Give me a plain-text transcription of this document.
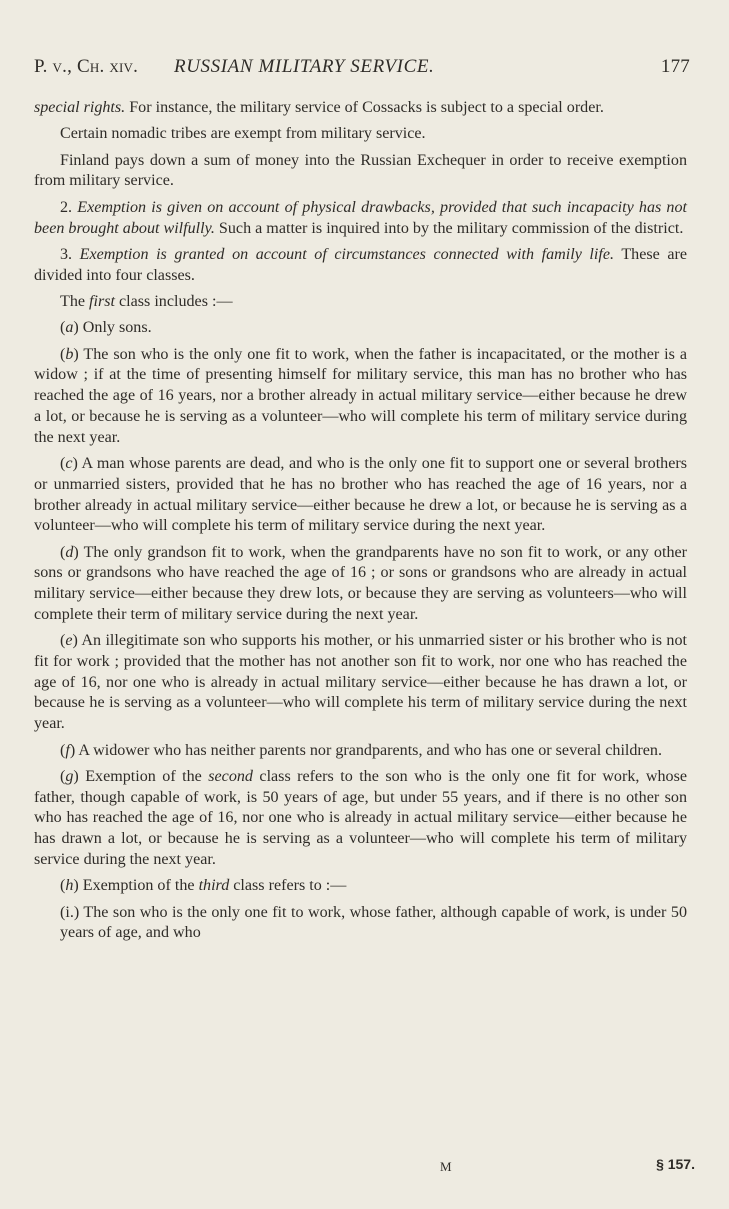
P. v., Ch. xiv. RUSSIAN MILITARY SERVICE.	177

special rights. For instance, the military service of Cossacks is subject to a special order.

Certain nomadic tribes are exempt from military service.

Finland pays down a sum of money into the Russian Exchequer in order to receive exemption from military service.

2. Exemption is given on account of physical drawbacks, provided that such incapacity has not been brought about wilfully. Such a matter is inquired into by the military commission of the district.

3. Exemption is granted on account of circumstances connected with family life. These are divided into four classes.

The first class includes :—

(a) Only sons.

(b) The son who is the only one fit to work, when the father is incapacitated, or the mother is a widow ; if at the time of presenting himself for military service, this man has no brother who has reached the age of 16 years, nor a brother already in actual military service—either because he drew a lot, or because he is serving as a volunteer—who will complete his term of military service during the next year.

(c) A man whose parents are dead, and who is the only one fit to support one or several brothers or unmarried sisters, provided that he has no brother who has reached the age of 16 years, nor a brother already in actual military service—either because he drew a lot, or because he is serving as a volunteer—who will complete his term of military service during the next year.

(d) The only grandson fit to work, when the grandparents have no son fit to work, or any other sons or grandsons who have reached the age of 16 ; or sons or grandsons who are already in actual military service—either because they drew lots, or because they are serving as volunteers—who will complete their term of military service during the next year.

(e) An illegitimate son who supports his mother, or his unmarried sister or his brother who is not fit for work ; provided that the mother has not another son fit to work, nor one who has reached the age of 16, nor one who is already in actual military service—either because he has drawn a lot, or because he is serving as a volunteer—who will complete his term of military service during the next year.

(f) A widower who has neither parents nor grandparents, and who has one or several children.

(g) Exemption of the second class refers to the son who is the only one fit for work, whose father, though capable of work, is 50 years of age, but under 55 years, and if there is no other son who has reached the age of 16, nor one who is already in actual military service—either because he has drawn a lot, or because he is serving as a volunteer—who will complete his term of military service during the next year.

(h) Exemption of the third class refers to :—

(i.) The son who is the only one fit to work, whose father, although capable of work, is under 50 years of age, and who

M	§ 157.
